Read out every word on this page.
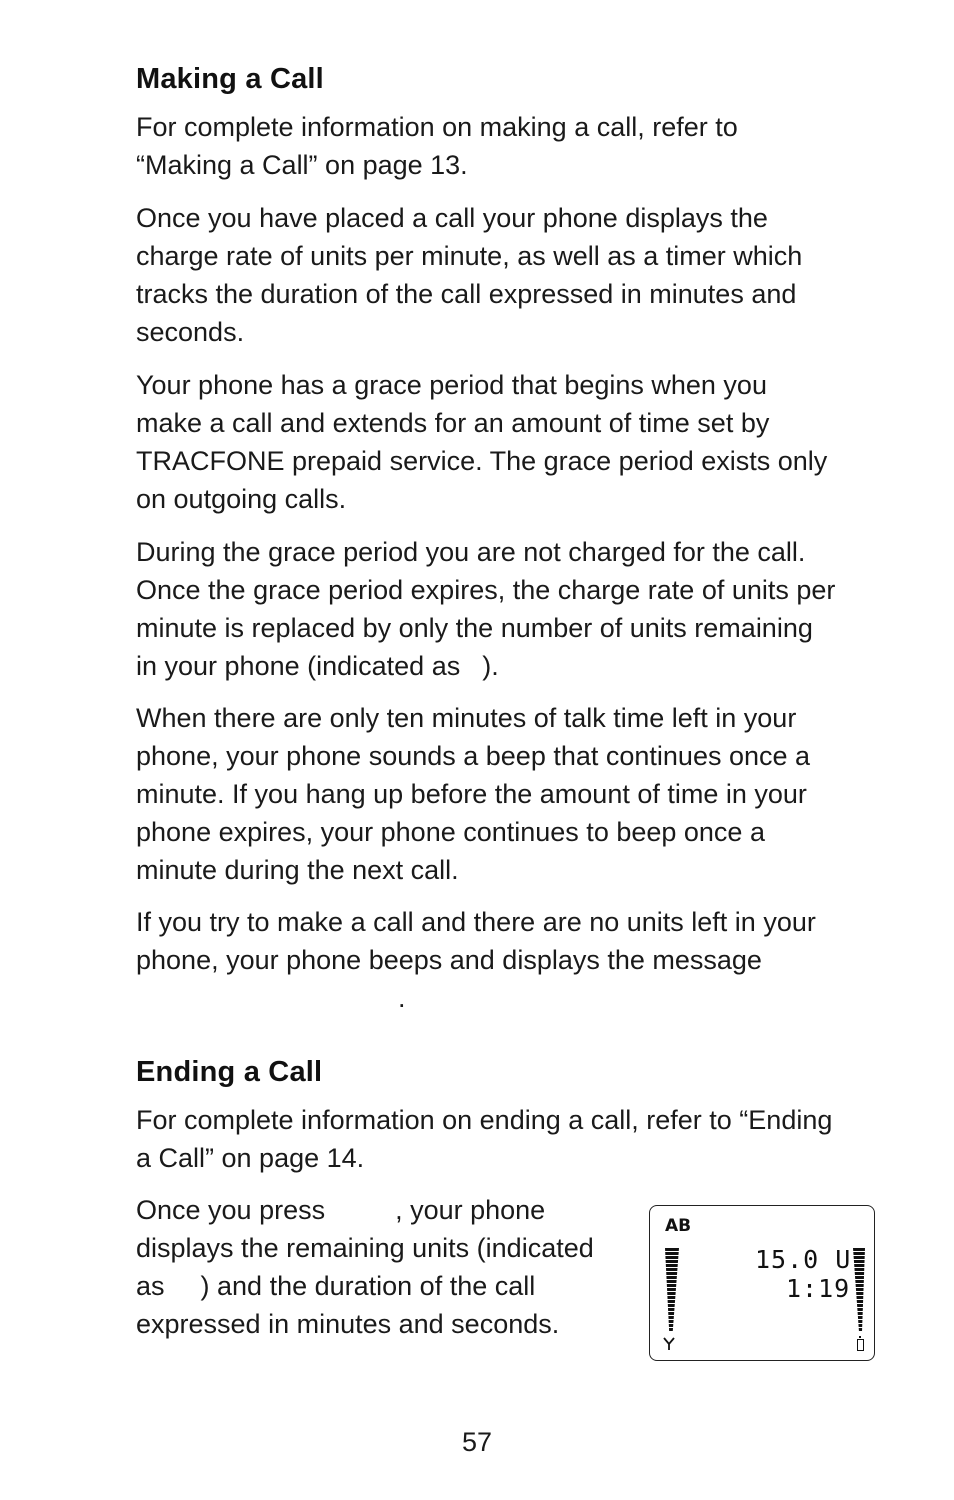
Making a Call

For complete information on making a call, refer to
“Making a Call” on page 13.

Once you have placed a call your phone displays the
charge rate of units per minute, as well as a timer which
tracks the duration of the call expressed in minutes and
seconds.

Your phone has a grace period that begins when you
make a call and extends for an amount of time set by
TRACFONE prepaid service. The grace period exists only
on outgoing calls.

During the grace period you are not charged for the call.
Once the grace period expires, the charge rate of units per
minute is replaced by only the number of units remaining
in your phone (indicated as ).

When there are only ten minutes of talk time left in your
phone, your phone sounds a beep that continues once a
minute. If you hang up before the amount of time in your
phone expires, your phone continues to beep once a
minute during the next call.

If you try to make a call and there are no units left in your
phone, your phone beeps and displays the message
.

Ending a Call

For complete information on ending a call, refer to “Ending
a Call” on page 14.

Once you press	, your phone
displays the remaining units (indicated
as ) and the duration of the call
expressed in minutes and seconds.

AB
15.0 U
1:19
57
